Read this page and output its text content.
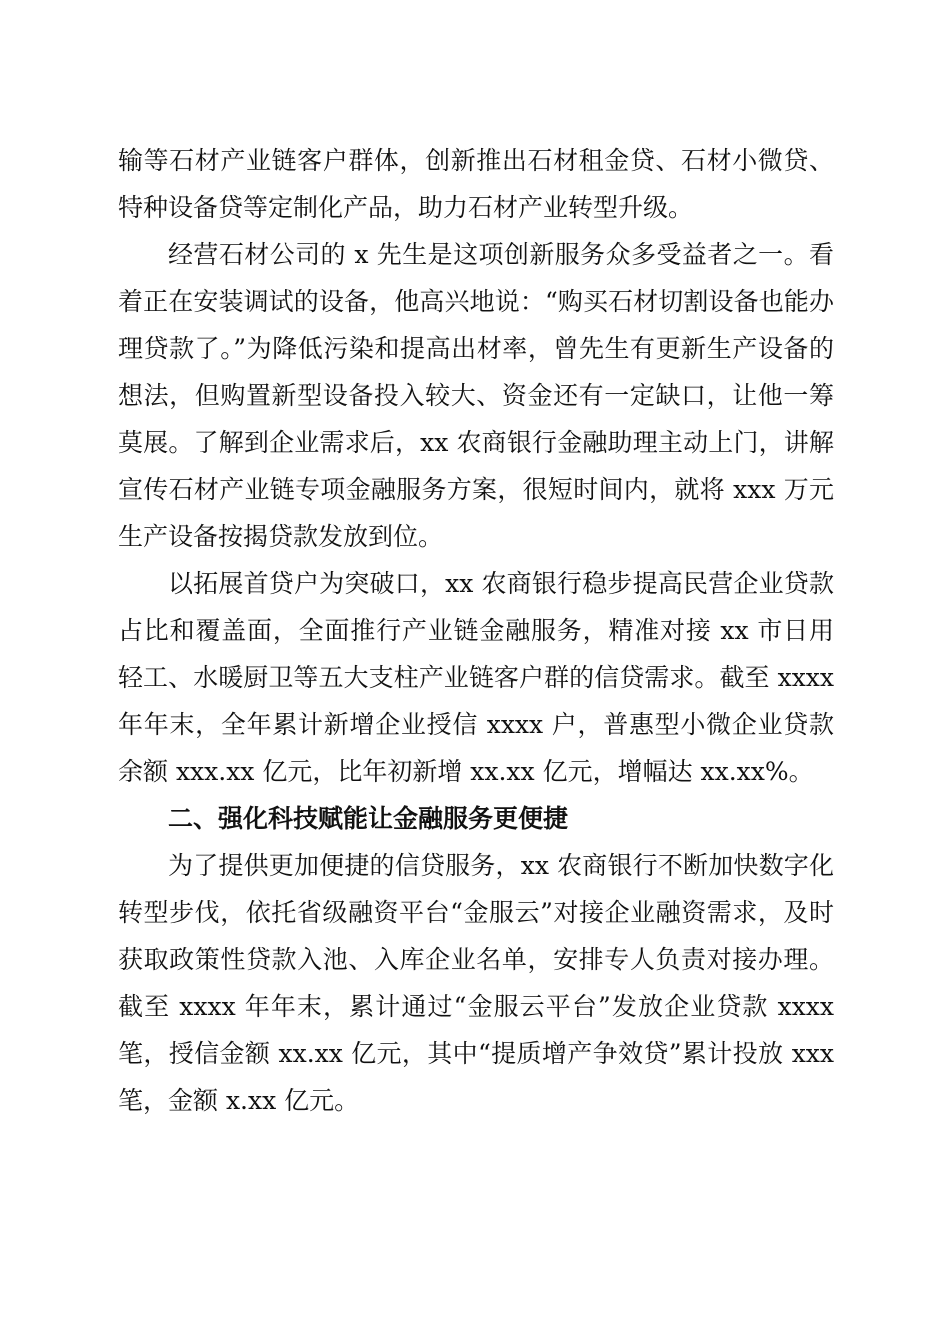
输等石材产业链客户群体，创新推出石材租金贷、石材小微贷、特种设备贷等定制化产品，助力石材产业转型升级。

经营石材公司的 x 先生是这项创新服务众多受益者之一。看着正在安装调试的设备，他高兴地说：“购买石材切割设备也能办理贷款了。”为降低污染和提高出材率，曾先生有更新生产设备的想法，但购置新型设备投入较大、资金还有一定缺口，让他一筹莫展。了解到企业需求后，xx 农商银行金融助理主动上门，讲解宣传石材产业链专项金融服务方案，很短时间内，就将 xxx 万元生产设备按揭贷款发放到位。

以拓展首贷户为突破口，xx 农商银行稳步提高民营企业贷款占比和覆盖面，全面推行产业链金融服务，精准对接 xx 市日用轻工、水暖厨卫等五大支柱产业链客户群的信贷需求。截至 xxxx 年年末，全年累计新增企业授信 xxxx 户，普惠型小微企业贷款余额 xxx.xx 亿元，比年初新增 xx.xx 亿元，增幅达 xx.xx%。

二、强化科技赋能让金融服务更便捷

为了提供更加便捷的信贷服务，xx 农商银行不断加快数字化转型步伐，依托省级融资平台“金服云”对接企业融资需求，及时获取政策性贷款入池、入库企业名单，安排专人负责对接办理。截至 xxxx 年年末，累计通过“金服云平台”发放企业贷款 xxxx 笔，授信金额 xx.xx 亿元，其中“提质增产争效贷”累计投放 xxx 笔，金额 x.xx 亿元。
